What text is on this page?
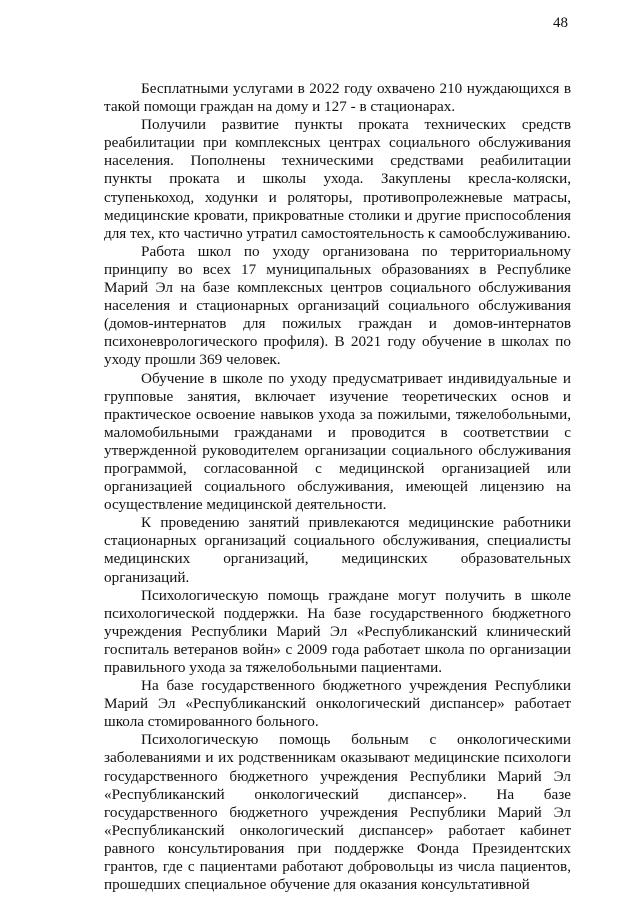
48

Бесплатными услугами в 2022 году охвачено 210 нуждающихся в такой помощи граждан на дому и 127 - в стационарах.

Получили развитие пункты проката технических средств реабилитации при комплексных центрах социального обслуживания населения. Пополнены техническими средствами реабилитации пункты проката и школы ухода. Закуплены кресла-коляски, ступенькоход, ходунки и роляторы, противопролежневые матрасы, медицинские кровати, прикроватные столики и другие приспособления для тех, кто частично утратил самостоятельность к самообслуживанию.

Работа школ по уходу организована по территориальному принципу во всех 17 муниципальных образованиях в Республике Марий Эл на базе комплексных центров социального обслуживания населения и стационарных организаций социального обслуживания (домов-интернатов для пожилых граждан и домов-интернатов психоневрологического профиля). В 2021 году обучение в школах по уходу прошли 369 человек.

Обучение в школе по уходу предусматривает индивидуальные и групповые занятия, включает изучение теоретических основ и практическое освоение навыков ухода за пожилыми, тяжелобольными, маломобильными гражданами и проводится в соответствии с утвержденной руководителем организации социального обслуживания программой, согласованной с медицинской организацией или организацией социального обслуживания, имеющей лицензию на осуществление медицинской деятельности.

К проведению занятий привлекаются медицинские работники стационарных организаций социального обслуживания, специалисты медицинских организаций, медицинских образовательных организаций.

Психологическую помощь граждане могут получить в школе психологической поддержки. На базе государственного бюджетного учреждения Республики Марий Эл «Республиканский клинический госпиталь ветеранов войн» с 2009 года работает школа по организации правильного ухода за тяжелобольными пациентами.

На базе государственного бюджетного учреждения Республики Марий Эл «Республиканский онкологический диспансер» работает школа стомированного больного.

Психологическую помощь больным с онкологическими заболеваниями и их родственникам оказывают медицинские психологи государственного бюджетного учреждения Республики Марий Эл «Республиканский онкологический диспансер». На базе государственного бюджетного учреждения Республики Марий Эл «Республиканский онкологический диспансер» работает кабинет равного консультирования при поддержке Фонда Президентских грантов, где с пациентами работают добровольцы из числа пациентов, прошедших специальное обучение для оказания консультативной
